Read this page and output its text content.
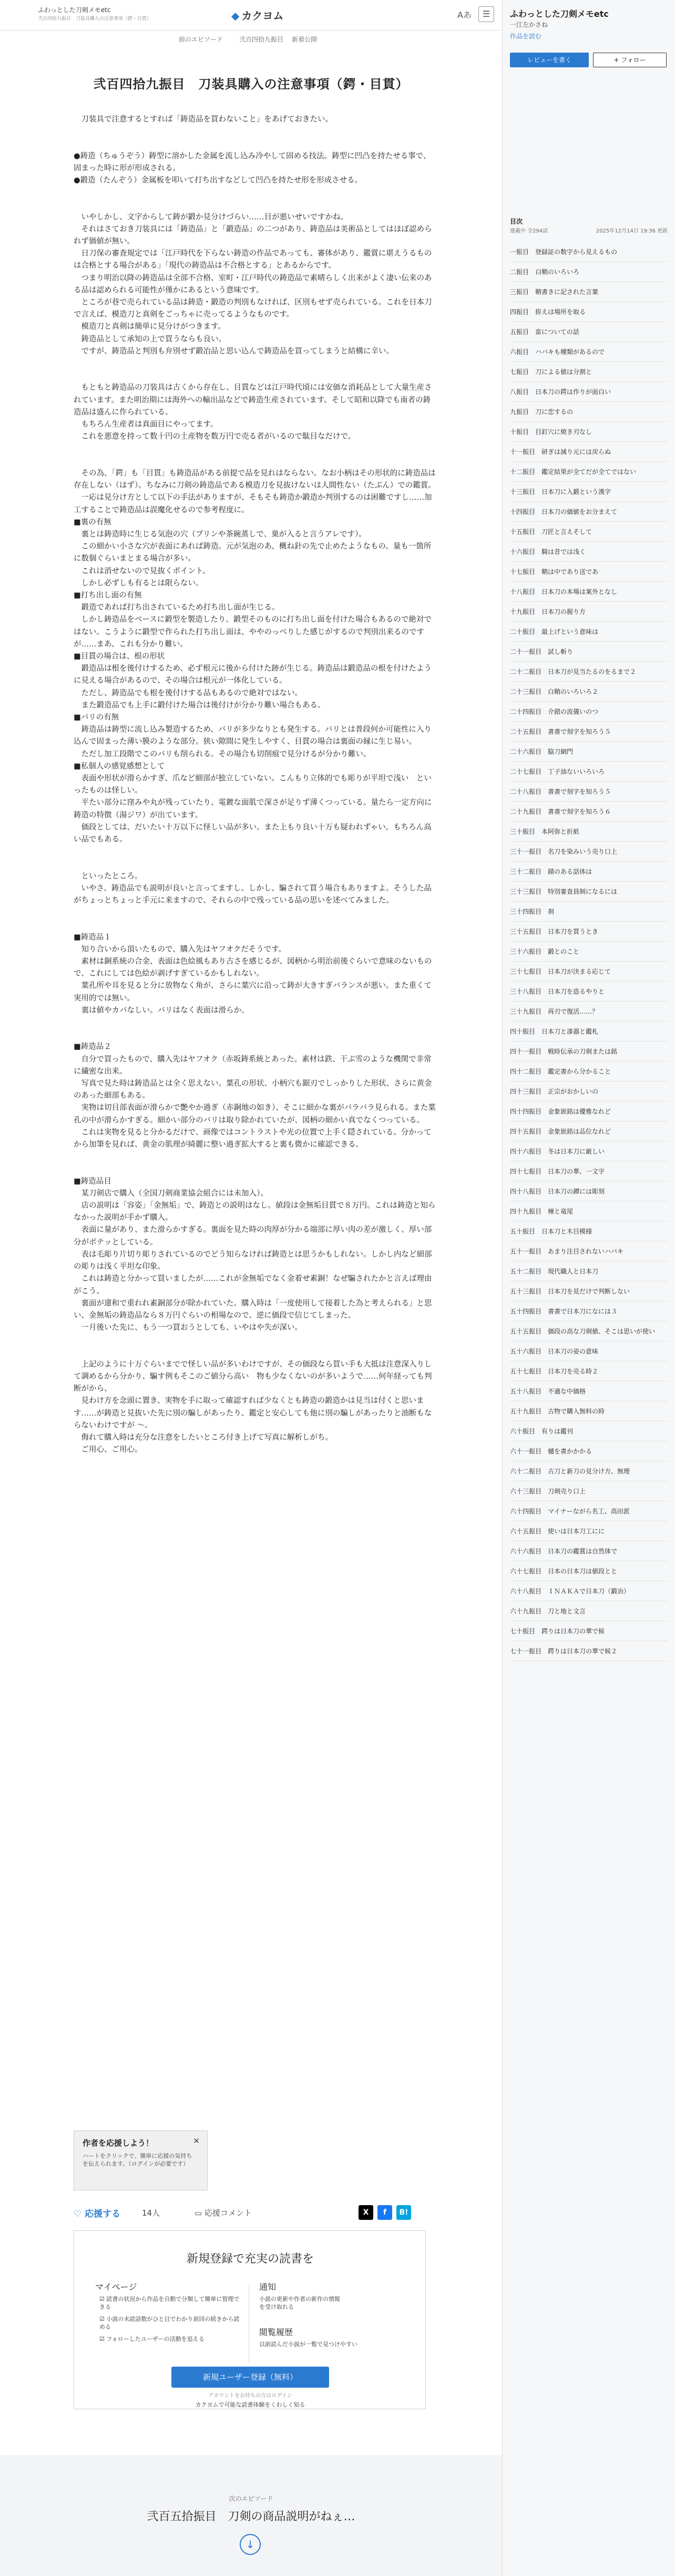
ふわっとした刀剣メモetc
弐百四拾九振目　刀装具購入の注意事項（鍔・目貫）	◆ カクヨム	Aあ	☰
前のエピソード	弐百四拾九振目 新着公開
弐百四拾九振目　刀装具購入の注意事項（鍔・目貫）
　刀装具で注意するとすれば「鋳造品を買わないこと」をあげておきたい。

●鋳造（ちゅうぞう）鋳型に溶かした金属を流し込み冷やして固める技法。鋳型に凹凸を持たせる事で、固まった時に形が形成される。
●鍛造（たんぞう）金属板を叩いて打ち出すなどして凹凸を持たせ形を形成させる。

　いやしかし、文字からして鋳が鍛か見分けづらい……目が悪いせいですかね。
　それはさておき刀装具には「鋳造品」と「鍛造品」の二つがあり、鋳造品は美術品としてはほぼ認められず価値が無い。
　日刀保の審査規定では「江戸時代を下らない鋳造の作品であっても、審体があり、鑑賞に堪えうるものは合格とする場合がある」「現代の鋳造品は不合格とする」とあるからです。
　つまり明治以降の鋳造品は全部不合格、室町・江戸時代の鋳造品で素晴らしく出来がよく凄い伝来のある品は認められる可能性が僅かにあるという意味です。
　ところが巷で売られている品は鋳造・鍛造の判別もなければ、区別もせず売られている。これを日本刀で言えば、模造刀と真剣をごっちゃに売ってるようなものです。
　模造刀と真剣は簡単に見分けがつきます。
　鋳造品として承知の上で買うならも良い。
　ですが、鋳造品と判別も弁別せず鍛冶品と思い込んで鋳造品を買ってしまうと結構に辛い。

　もともと鋳造品の刀装具は古くから存在し、目貫などは江戸時代頃には安価な消耗品として大量生産されています。また明治期には海外への輸出品などで鋳造生産されています。そして昭和以降でも南者の鋳造品は盛んに作られている。
　もちろん生産者は真面目にやってます。
　これを悪意を持って数十円の土産物を数万円で売る者がいるので駄目なだけで。

　その為、「鍔」も「目貫」も鋳造品がある前提で品を見れはならない。なお小柄はその形状的に鋳造品は存在しない（はず）。ちなみに刀剣の鋳造品である模造刀を見抜けないは人間性ない（たぶん）での鑑賞。
　一応は見分け方として以下の手法がありますが、そもそも鋳造か鍛造か判別するのは困難ですし……加工することで鋳造品は誤魔化せるので参考程度に。
■裏の有無
　裏とは鋳造時に生じる気泡の穴（プリンや茶碗蒸しで、巣が入ると言うアレです）。
　この細かい小さな穴が表面にあれば鋳造。元が気泡のあ、概ね針の先で止めたようなもの。量も一箇所に数個ぐらいまとまる場合が多い。
　これは消せないので見抜くポイント。
　しかし必ずしも有るとは限らない。
■打ち出し面の有無
　鍛造であれば打ち出されているため打ち出し面が生じる。
　しかし鋳造品をベースに鍛型を製造したり、鍛型そのものに打ち出し面を付けた場合もあるので絶対ではない。こうように鍛型で作られた打ち出し面は、ややのっぺりした感じがするので判別出来るのですが……まあ、これも分かり難い。
■目貫の場合は、根の形状
　鍛造品は根を後付けするため、必ず根元に後から付けた跡が生じる。鋳造品は鍛造品の根を付けたように見える場合があるので、その場合は根元が一体化している。
　ただし、鋳造品でも根を後付けする品もあるので絶対ではない。
　また鍛造品でも上手に鍛付けた場合は後付けが分かり難い場合もある。
■バリの有無
　鋳造品は鋳型に流し込み製造するため、バリが多少なりとも発生する。バリとは普段何か可能性に入り込んで固まった薄い膜のような部分。狭い隙間に発生しやすく、目貫の場合は裏面の縁に生じ易い。
　ただし加工段階でこのバリも削られる。その場合も切削痕で見分けるが分かり難い。
■私個人の感覚感想として
　表面や形状が滑らかすぎ、爪など細部が独立していない。こんもり立体的でも彫りが平坦で浅い　といったものは怪しい。
　平たい部分に窪みや丸が残っていたり、電鍍な面肌で深さが足りず薄くつっている。量たら一定方向に鋳造の特徴（湯ジワ）が出ています。
　価段としては、だいたい十万以下に怪しい品が多い。また上もり良い十万も疑われずゃい。もちろん高い品でもある。

　といったところ。
　いやさ、鋳造品でも説明が良いと言ってますし。しかし、騙されて買う場合もありますよ。そうした品がちょっとちょっと手元に来ますので、それらの中で残っている品の思いを述べてみました。

■鋳造品１
　知り合いから頂いたもので、購入先はヤフオクだそうです。
　素材は銅系統の合金、表面は色絵風もあり古さを感じるが、図柄から明治前後ぐらいで意味のないもので、これにしては色絵が剥げすぎているかもしれない。
　葉孔所や耳を見ると分に放物なく角が、さらに葉穴に沿って鋳が大きすぎバランスが悪い。また重くて実用的では無い。
　裏は値やカバなしい。バリはなく表面は滑らか。

■鋳造品２
　自分で買ったもので、購入先はヤフオク（赤坂鋳系統とあった。素材は鉄、干ぶ雪のような機関で非常に繊密な出来。
　写真で見た時は鋳造品とは全く思えない。葉孔の形状、小柄穴も鋸刃でしっかりした形状、さらに黄金のあった細部もある。
　実物は切目部表面が滑らかで艶やか過ぎ（赤銅地の如き）、そこに細かな裏がバラバラ見られる。また葉孔の中が滑らかすぎる。細かい部分のバリは取り除かれていたが、図柄の細かい真でなくつっている。
　これは実物を見ると分かるだけで、画像ではコントラストや光の位置で上手く隠されている。分かってから加筆を見れば、黄金の肌理が綺麗に整い過ぎ拡大すると裏も微かに確認できる。

■鋳造品目
　某刀剣店で購入（全国刀剣商業協会組合には未加入）。
　店の説明は「容姿」「金無垢」で、鋳造との説明はなし。値段は金無垢目貫で８万円。これは鋳造と知らなかった説明が手かず購入。
　表面に量があり、また滑らかすぎる。裏面を見た時の肉厚が分かる端部に厚い肉の差が激しく、厚い部分がボテッとしている。
　表は毛彫り片切り彫りされているのでどう知らなければ鋳造とは思うかもしれない。しかし内など細部の彫りは浅く平坦な印象。
　これは鋳造と分かって買いましたが……これが金無垢でなく金着せ素銅！なぜ騙されたかと言えば理由がこう。
　裏面が違和で重れれ素銅部分が除かれていた。購入時は「一度使用して接着した為と考えられる」と思い、金無垢の鋳造品なら８万円ぐらいの相場なので、逆に価段で信じてしまった。
　一月後いた先に、もう一つ買おうとしても、いやはや失が深い。

　上記のように十万ぐらいまでで怪しい品が多いわけですが、その価段なら買い手も大抵は注意深入りして調めるから分かり、騙す例もそこのご値分ら高い　物も少なくないのが多いようで……何年経っても判断がから、
　見わけ方を念頭に置き、実物を手に取って確認すれば少なくとも鋳造の鍛造かは見当は付くと思います……が鋳造と見抜いた先に別の騙しがあったり、鑑定と安心しても他に別の騙しがあったりと油断もならないわけですが ～。
　侮れて購入時は充分な注意をしたいところ付き上げて写真に解析しがち。
　ご用心、ご用心。
作者を応援しよう！	✕
ハートをクリックで、簡単に応援の気持ちを伝えられます。（ログインが必要です）
♡ 応援する	14人	▭ 応援コメント	X	f	B!
新規登録で充実の読書を
マイページ
☑ 読書の状況から作品を自動で分類して簡単に管理できる
☑ 小説の未読話数がひと目でわかり前回の続きから読める
☑ フォローしたユーザーの活動を追える
通知
小説の更新や作者の新作の情報を受け取れる
閲覧履歴
以前読んだ小説が一覧で見つけやすい
新規ユーザー登録（無料）
アカウントをお持ちの方はログイン
カクヨムで可能な読書体験をくわしく知る
次のエピソード
弐百五拾振目　刀剣の商品説明がねぇ…
↓
ふわっとした刀剣メモetc
一江左かさね
作品を読む
レビューを書く	+ フォロー
目次
連載中 全294話	2025年12月14日 19:36 更新
一振目　登録証の数字から見えるもの
二振目　白鞘のいろいろ
三振目　鞘書きに記された言葉
四振目　拵えは場所を取る
五振目　蛮についての話
六振目　ハバキも種類があるので
七振目　刀による値は分割と
八振目　日本刀の鍔は作りが面白い
九振目　刀に恋するの
十振目　目釘穴に焼き刃なし
十一振目　研ぎは減り元には戻らぬ
十二振目　鑑定結果が全てだが全てではない
十三振目　日本刀に入鍛という漢字
十四振目　日本刀の価値をお分まえて
十五振目　刀匠と言えそして
十六振目　騎は昔では浅く
十七振目　鞘は中であり送であ
十八振目　日本刀の本場は案外となし
十九振目　日本刀の握り方
二十振目　最上げという意味は
二十一振目　試し斬り
二十二振目　日本刀が見当たるのをるまで２
二十三振目　白鞘のいろいろ２
二十四振目　介錯の流儀いのつ
二十五振目　書書で刻字を知ろう５
二十六振目　脇刀網門
二十七振目　丁子油ないいろいろ
二十八振目　書書で刻字を知ろう５
二十九振目　書書で刻字を知ろう６
三十振目　本阿弥と折紙
三十一振目　名刀を染みいう売り口上
三十二振目　錆のある話体は
三十三振目　特別審査員制になるには
三十四振目　刹
三十五振目　日本刀を買うとき
三十六振目　鍛とのこと
三十七振目　日本刀が決まる応じて
三十八振目　日本刀を造るやりと
三十九振目　再刃で復活……？
四十振目　日本刀と漆器と鑑札
四十一振目　戦時伝承の刀剣または銘
四十二振目　鑑定書から分かること
四十三振目　正宗がおかしいの
四十四振目　金象嵌銘は優雅なれど
四十五振目　金象嵌銘は品位なれど
四十六振目　冬は日本刀に厳しい
四十七振目　日本刀の華、一文字
四十八振目　日本刀の鐔には彫刻
四十九振目　棟と竜尾
五十振目　日本刀と木目模様
五十一振目　あまり注目されないハバキ
五十二振目　現代職人と日本刀
五十三振目　日本刀を見だけで判断しない
五十四振目　書書で日本刀になには３
五十五振目　価段の高な刀剣値、そこは思いが使い
五十六振目　日本刀の姿の意味
五十七振目　日本刀を売る時２
五十八振目　不適な中価格
五十九振目　古物で購入無料の時
六十振目　有りは鑑刊
六十一振目　樋を書かかかる
六十二振目　古刀と新刀の見分け方、無理
六十三振目　刀剣売り口上
六十四振目　マイナーながら名工、高田派
六十五振目　使いは日本刀工にに
六十六振目　日本刀の鑑賞は自然体で
六十七振目　日本の日本刀は値段とと
六十八振目　ＩＮＡＫＡで日本刀（鍛冶）
六十九振目　刀と地と文言
七十振目　鍔りは日本刀の華で候
七十一振目　鍔りは日本刀の華で候２
